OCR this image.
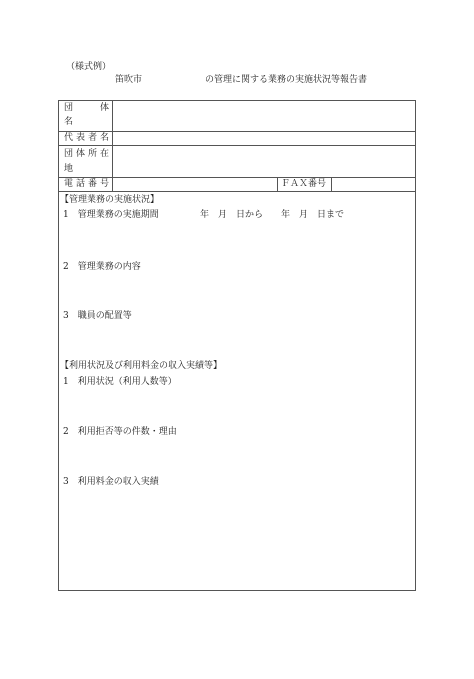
（様式例）
笛吹市	の管理に関する業務の実施状況等報告書
団　　体
名
代表者名
団体所在
地
電話番号	ＦＡＸ番号
【管理業務の実施状況】
1　管理業務の実施期間	年　月　日から　　年　月　日まで
2　管理業務の内容
3　職員の配置等
【利用状況及び利用料金の収入実績等】
1　利用状況（利用人数等）
2　利用拒否等の件数・理由
3　利用料金の収入実績
